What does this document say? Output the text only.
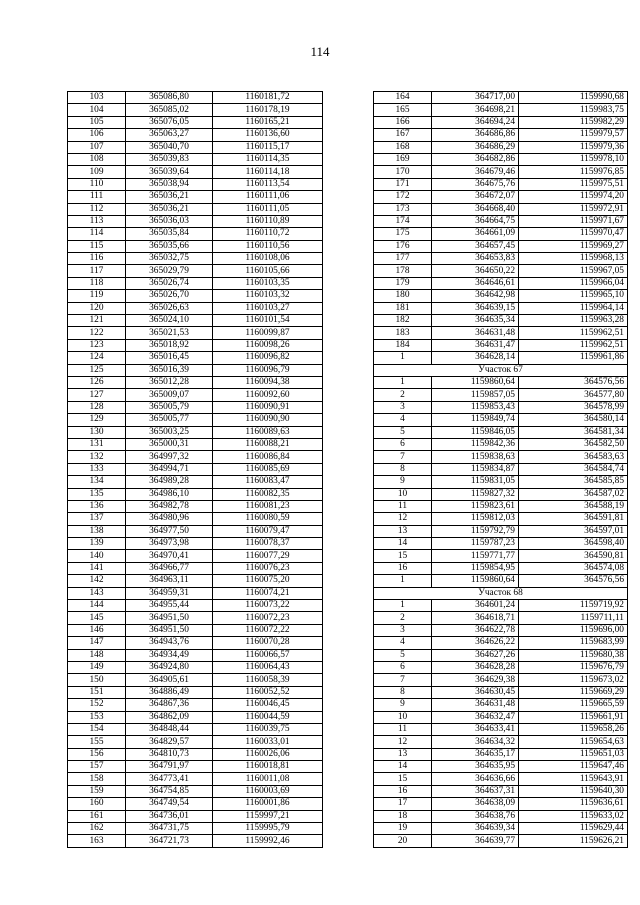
114
103	365086,80	1160181,72
104	365085,02	1160178,19
105	365076,05	1160165,21
106	365063,27	1160136,60
107	365040,70	1160115,17
108	365039,83	1160114,35
109	365039,64	1160114,18
110	365038,94	1160113,54
111	365036,21	1160111,06
112	365036,21	1160111,05
113	365036,03	1160110,89
114	365035,84	1160110,72
115	365035,66	1160110,56
116	365032,75	1160108,06
117	365029,79	1160105,66
118	365026,74	1160103,35
119	365026,70	1160103,32
120	365026,63	1160103,27
121	365024,10	1160101,54
122	365021,53	1160099,87
123	365018,92	1160098,26
124	365016,45	1160096,82
125	365016,39	1160096,79
126	365012,28	1160094,38
127	365009,07	1160092,60
128	365005,79	1160090,91
129	365005,77	1160090,90
130	365003,25	1160089,63
131	365000,31	1160088,21
132	364997,32	1160086,84
133	364994,71	1160085,69
134	364989,28	1160083,47
135	364986,10	1160082,35
136	364982,78	1160081,23
137	364980,96	1160080,59
138	364977,50	1160079,47
139	364973,98	1160078,37
140	364970,41	1160077,29
141	364966,77	1160076,23
142	364963,11	1160075,20
143	364959,31	1160074,21
144	364955,44	1160073,22
145	364951,50	1160072,23
146	364951,50	1160072,22
147	364943,76	1160070,28
148	364934,49	1160066,57
149	364924,80	1160064,43
150	364905,61	1160058,39
151	364886,49	1160052,52
152	364867,36	1160046,45
153	364862,09	1160044,59
154	364848,44	1160039,75
155	364829,57	1160033,01
156	364810,73	1160026,06
157	364791,97	1160018,81
158	364773,41	1160011,08
159	364754,85	1160003,69
160	364749,54	1160001,86
161	364736,01	1159997,21
162	364731,75	1159995,79
163	364721,73	1159992,46
164	364717,00	1159990,68
165	364698,21	1159983,75
166	364694,24	1159982,29
167	364686,86	1159979,57
168	364686,29	1159979,36
169	364682,86	1159978,10
170	364679,46	1159976,85
171	364675,76	1159975,51
172	364672,07	1159974,20
173	364668,40	1159972,91
174	364664,75	1159971,67
175	364661,09	1159970,47
176	364657,45	1159969,27
177	364653,83	1159968,13
178	364650,22	1159967,05
179	364646,61	1159966,04
180	364642,98	1159965,10
181	364639,15	1159964,14
182	364635,34	1159963,28
183	364631,48	1159962,51
184	364631,47	1159962,51
1	364628,14	1159961,86
Участок 67		
1	1159860,64	364576,56
2	1159857,05	364577,80
3	1159853,43	364578,99
4	1159849,74	364580,14
5	1159846,05	364581,34
6	1159842,36	364582,50
7	1159838,63	364583,63
8	1159834,87	364584,74
9	1159831,05	364585,85
10	1159827,32	364587,02
11	1159823,61	364588,19
12	1159812,03	364591,81
13	1159792,79	364597,01
14	1159787,23	364598,40
15	1159771,77	364590,81
16	1159854,95	364574,08
1	1159860,64	364576,56
Участок 68		
1	364601,24	1159719,92
2	364618,71	1159711,11
3	364622,78	1159696,00
4	364626,22	1159683,99
5	364627,26	1159680,38
6	364628,28	1159676,79
7	364629,38	1159673,02
8	364630,45	1159669,29
9	364631,48	1159665,59
10	364632,47	1159661,91
11	364633,41	1159658,26
12	364634,32	1159654,63
13	364635,17	1159651,03
14	364635,95	1159647,46
15	364636,66	1159643,91
16	364637,31	1159640,30
17	364638,09	1159636,61
18	364638,76	1159633,02
19	364639,34	1159629,44
20	364639,77	1159626,21
